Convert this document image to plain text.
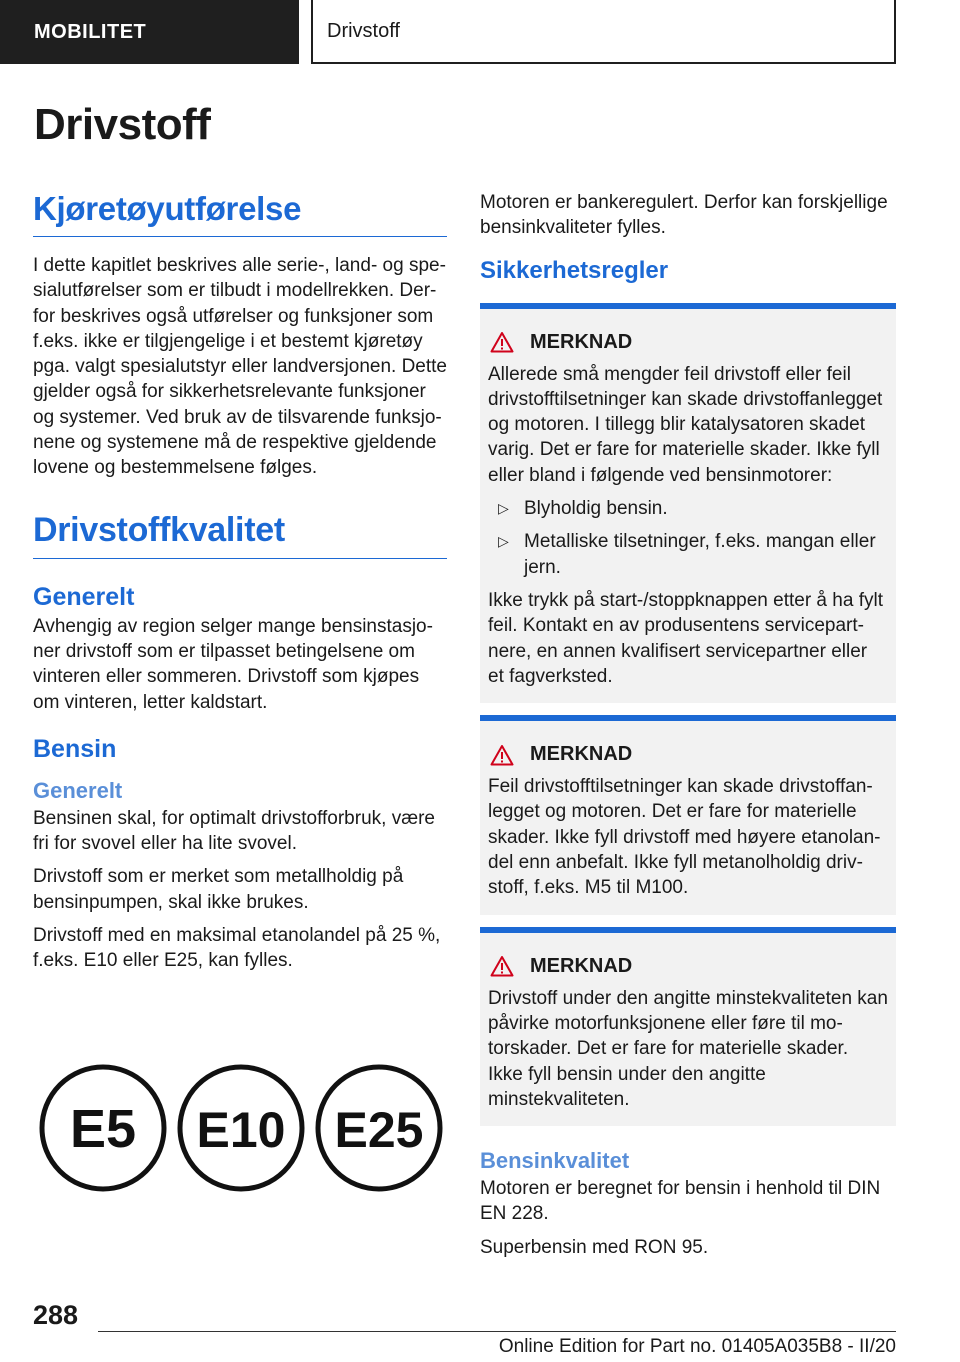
MOBILITET	Drivstoff
Drivstoff
Kjøretøyutførelse

I dette kapitlet beskrives alle serie-, land- og spe-sialutførelser som er tilbudt i modellrekken. Der-for beskrives også utførelser og funksjoner som f.eks. ikke er tilgjengelige i et bestemt kjøretøy pga. valgt spesialutstyr eller landversjonen. Dette gjelder også for sikkerhetsrelevante funksjoner og systemer. Ved bruk av de tilsvarende funksjo-nene og systemene må de respektive gjeldende lovene og bestemmelsene følges.

Drivstoffkvalitet
Generelt

Avhengig av region selger mange bensinstasjo-ner drivstoff som er tilpasset betingelsene om vinteren eller sommeren. Drivstoff som kjøpes om vinteren, letter kaldstart.

Bensin
Generelt

Bensinen skal, for optimalt drivstofforbruk, være fri for svovel eller ha lite svovel.

Drivstoff som er merket som metallholdig på bensinpumpen, skal ikke brukes.

Drivstoff med en maksimal etanolandel på 25 %, f.eks. E10 eller E25, kan fylles.

E5 E10 E25

Motoren er bankeregulert. Derfor kan forskjellige bensinkvaliteter fylles.

Sikkerhetsregler
MERKNAD

Allerede små mengder feil drivstoff eller feil drivstofftilsetninger kan skade drivstoffanlegget og motoren. I tillegg blir katalysatoren skadet varig. Det er fare for materielle skader. Ikke fyll eller bland i følgende ved bensinmotorer:

▷ Blyholdig bensin.
▷ Metalliske tilsetninger, f.eks. mangan eller jern.

Ikke trykk på start-/stoppknappen etter å ha fylt feil. Kontakt en av produsentens servicepart-nere, en annen kvalifisert servicepartner eller et fagverksted.

MERKNAD

Feil drivstofftilsetninger kan skade drivstoffan-legget og motoren. Det er fare for materielle skader. Ikke fyll drivstoff med høyere etanolan-del enn anbefalt. Ikke fyll metanolholdig driv-stoff, f.eks. M5 til M100.

MERKNAD

Drivstoff under den angitte minstekvaliteten kan påvirke motorfunksjonene eller føre til mo-torskader. Det er fare for materielle skader. Ikke fyll bensin under den angitte minstekvaliteten.

Bensinkvalitet

Motoren er beregnet for bensin i henhold til DIN EN 228.

Superbensin med RON 95.

288
Online Edition for Part no. 01405A035B8 - II/20
